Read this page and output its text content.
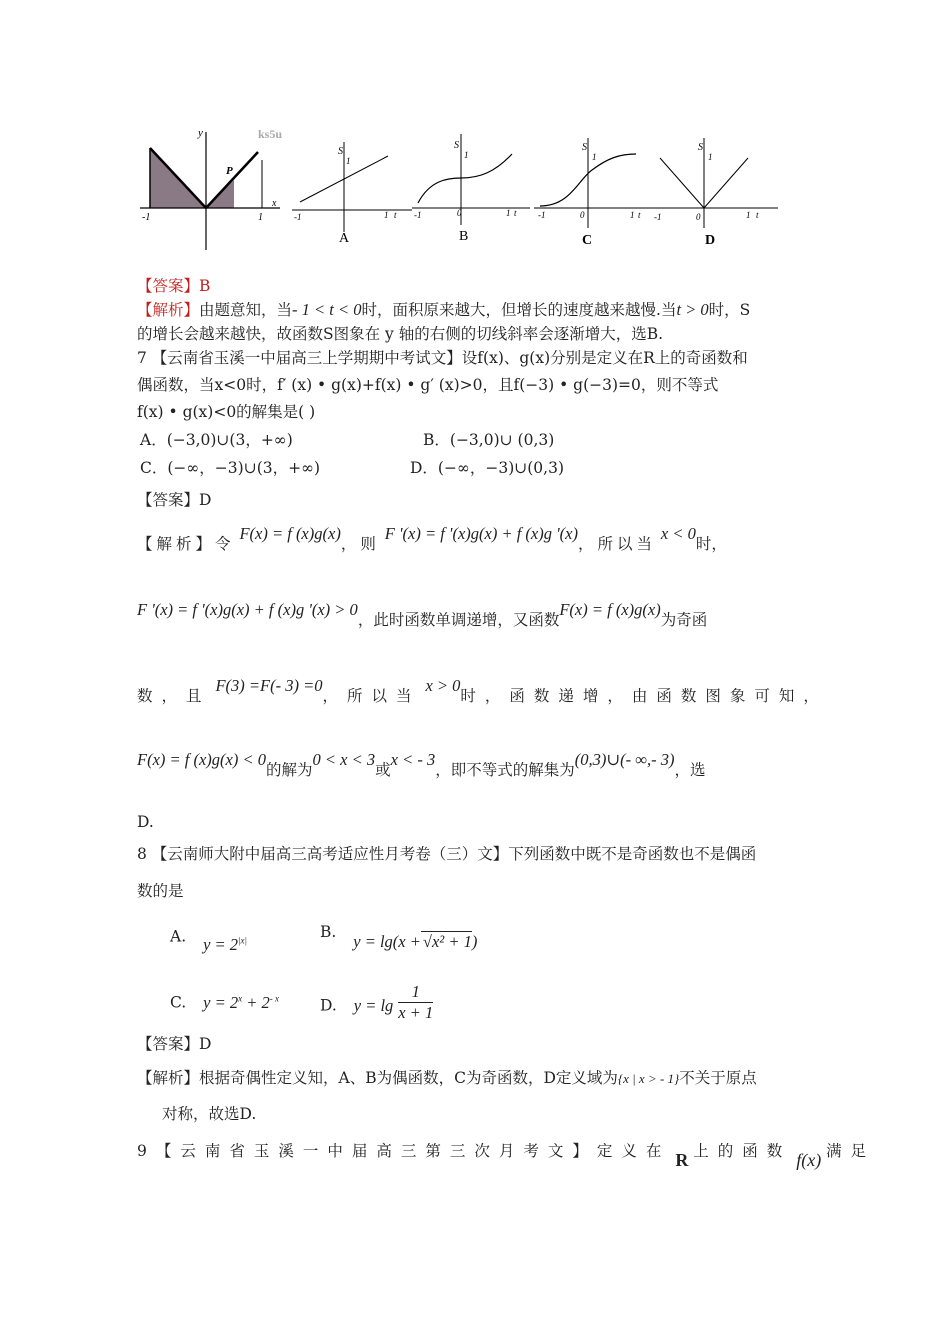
y
x
P
-1	1
ks5u
S
1
-1	1 t
A
S
1
-1	0	1 t
B
S
1
-1	0	1 t
C
S
1
-1	0	1 t
D
【答案】B
【解析】由题意知，当- 1 < t < 0时，面积原来越大，但增长的速度越来越慢.当t > 0时，S
的增长会越来越快，故函数S图象在 y 轴的右侧的切线斜率会逐渐增大，选B.
7 【云南省玉溪一中届高三上学期期中考试文】设f(x)、g(x)分别是定义在R上的奇函数和
偶函数，当x<0时，f′ (x) • g(x)+f(x) • g′ (x)>0，且f(−3) • g(−3)=0，则不等式
f(x) • g(x)<0的解集是( )
A．(−3,0)∪(3，+∞)	B．(−3,0)∪ (0,3)
C．(−∞，−3)∪(3，+∞)	D．(−∞，−3)∪(0,3)
【答案】D
【解析】令 F(x) = f (x)g(x)，则 F '(x) = f '(x)g(x) + f (x)g '(x)，所以当 x < 0时，
F '(x) = f '(x)g(x) + f (x)g '(x) > 0，此时函数单调递增，又函数F(x) = f (x)g(x)为奇函
数，且 F(3) =F(- 3) =0，所以当 x > 0时，函数递增，由函数图象可知，
F(x) = f (x)g(x) < 0的解为0 < x < 3或x < - 3，即不等式的解集为(0,3)∪(- ∞,- 3)，选
D.
8 【云南师大附中届高三高考适应性月考卷（三）文】下列函数中既不是奇函数也不是偶函
数的是
A. $y = 2^{|x|}$	B. y = lg(x + √x² + 1)
C. $y = 2^x + 2^{- x}$	D. $y = \lg \frac{1}{x + 1}$
【答案】D
【解析】根据奇偶性定义知，A、B为偶函数，C为奇函数，D定义域为{x | x > - 1}不关于原点
对称，故选D.
9【云南省玉溪一中届高三第三次月考文】定义在 R 上的函数 f(x) 满足
